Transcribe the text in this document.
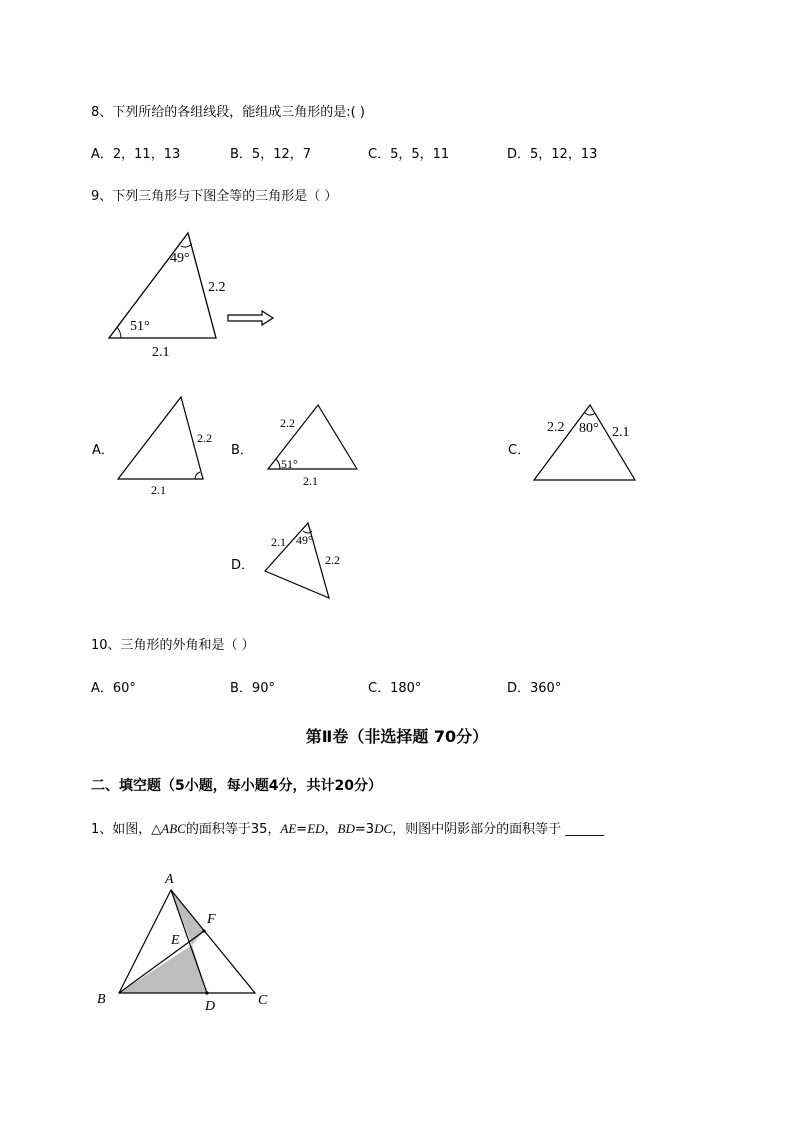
8、下列所给的各组线段，能组成三角形的是:( )
A．2，11，13	B．5，12，7	C．5，5，11	D．5，12，13
9、下列三角形与下图全等的三角形是（ ）
49°
51°
2.2
2.1
2.2
2.1
2.2
51°
2.1
2.2 80° 2.1
2.1 49°
2.2
A
B	C
D
E
F
A．	B．	C．
D．
10、三角形的外角和是（ ）
A．60°	B．90°	C．180°	D．360°
第Ⅱ卷（非选择题 70分）
二、填空题（5小题，每小题4分，共计20分）
1、如图，△ABC的面积等于35，AE=ED，BD=3DC，则图中阴影部分的面积等于 ______
